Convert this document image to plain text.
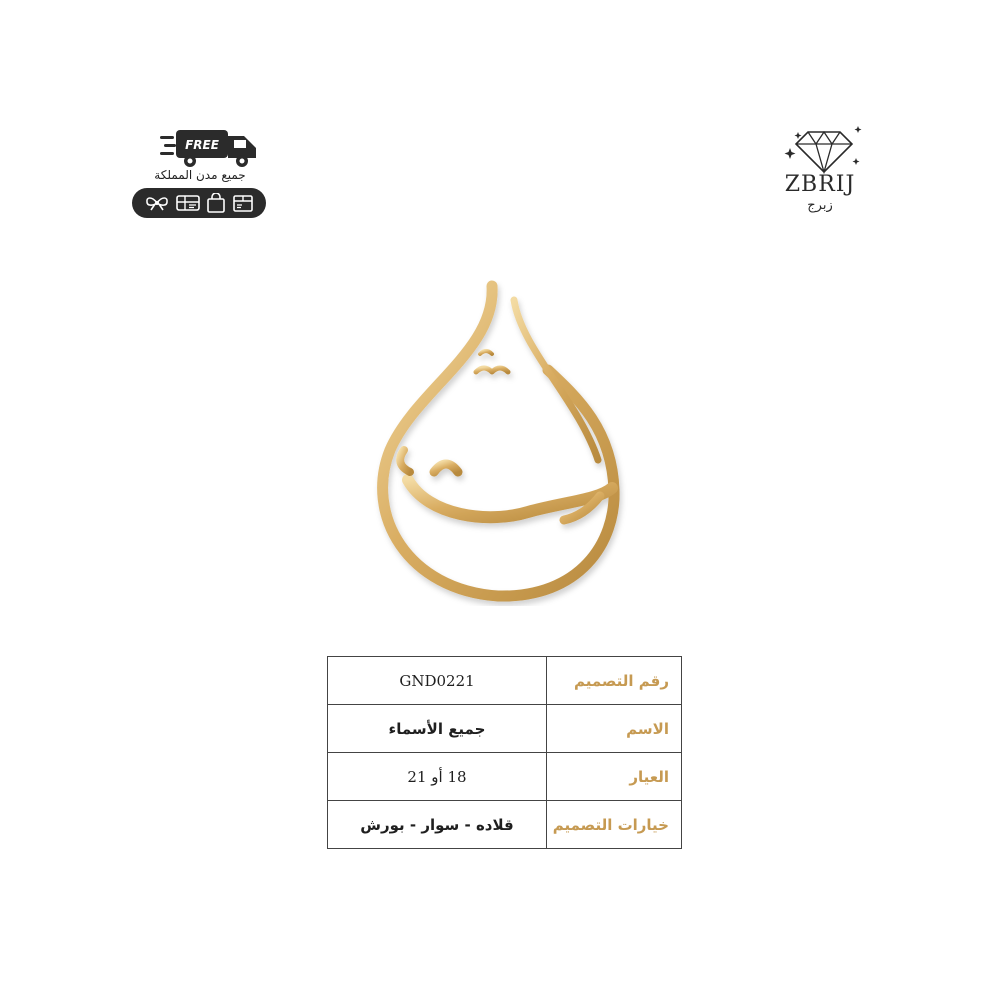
FREE
جميع مدن المملكة	ZBRIJ
زبرج
رقم التصميم	GND0221
الاسم	جميع الأسماء
العيار	18 أو 21
خيارات التصميم	قلاده - سوار - بورش
